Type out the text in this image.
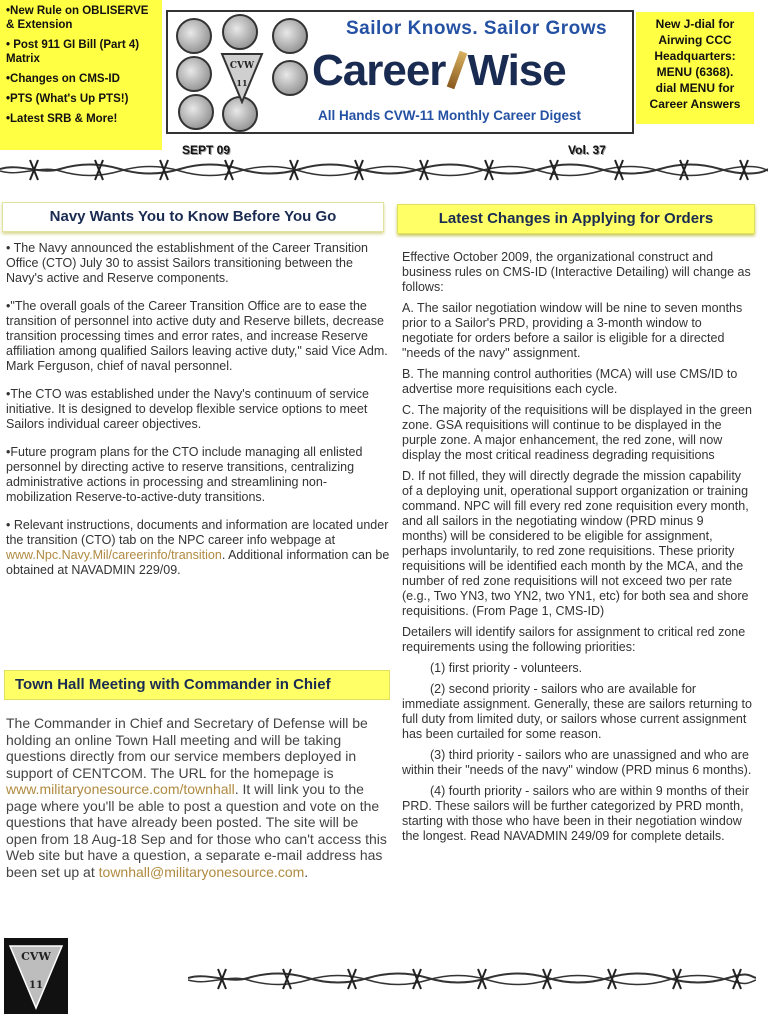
•New Rule on OBLISERVE & Extension

• Post 911 GI Bill (Part 4) Matrix

•Changes on CMS-ID

•PTS (What's Up PTS!)

•Latest SRB & More!

CVW
11
Sailor Knows. Sailor Grows
Career Wise
All Hands CVW-11 Monthly Career Digest
New J-dial for
Airwing CCC
Headquarters:
MENU (6368).
dial MENU for
Career Answers
SEPT 09	Vol. 37
Navy Wants You to Know Before You Go

• The Navy announced the establishment of the Career Transition Office (CTO) July 30 to assist Sailors transitioning between the Navy's active and Reserve components.

•"The overall goals of the Career Transition Office are to ease the transition of personnel into active duty and Reserve billets, decrease transition processing times and error rates, and increase Reserve affiliation among qualified Sailors leaving active duty," said Vice Adm. Mark Ferguson, chief of naval personnel.

•The CTO was established under the Navy's continuum of service initiative. It is designed to develop flexible service options to meet Sailors individual career objectives.

•Future program plans for the CTO include managing all enlisted personnel by directing active to reserve transitions, centralizing administrative actions in processing and streamlining non-mobilization Reserve-to-active-duty transitions.

• Relevant instructions, documents and information are located under the transition (CTO) tab on the NPC career info webpage at www.Npc.Navy.Mil/careerinfo/transition. Additional information can be obtained at NAVADMIN 229/09.

Town Hall Meeting with Commander in Chief

The Commander in Chief and Secretary of Defense will be holding an online Town Hall meeting and will be taking questions directly from our service members deployed in support of CENTCOM. The URL for the homepage is www.militaryonesource.com/townhall. It will link you to the page where you'll be able to post a question and vote on the questions that have already been posted. The site will be open from 18 Aug-18 Sep and for those who can't access this Web site but have a question, a separate e-mail address has been set up at townhall@militaryonesource.com.

Latest Changes in Applying for Orders

Effective October 2009, the organizational construct and business rules on CMS-ID (Interactive Detailing) will change as follows:

A. The sailor negotiation window will be nine to seven months prior to a Sailor's PRD, providing a 3-month window to negotiate for orders before a sailor is eligible for a directed "needs of the navy" assignment.

B. The manning control authorities (MCA) will use CMS/ID to advertise more requisitions each cycle.

C. The majority of the requisitions will be displayed in the green zone. GSA requisitions will continue to be displayed in the purple zone. A major enhancement, the red zone, will now display the most critical readiness degrading requisitions

D. If not filled, they will directly degrade the mission capability of a deploying unit, operational support organization or training command. NPC will fill every red zone requisition every month, and all sailors in the negotiating window (PRD minus 9 months) will be considered to be eligible for assignment, perhaps involuntarily, to red zone requisitions. These priority requisitions will be identified each month by the MCA, and the number of red zone requisitions will not exceed two per rate (e.g., Two YN3, two YN2, two YN1, etc) for both sea and shore requisitions. (From Page 1, CMS-ID)

Detailers will identify sailors for assignment to critical red zone requirements using the following priorities:

(1) first priority - volunteers.

(2) second priority - sailors who are available for immediate assignment. Generally, these are sailors returning to full duty from limited duty, or sailors whose current assignment has been curtailed for some reason.

(3) third priority - sailors who are unassigned and who are within their "needs of the navy" window (PRD minus 6 months).

(4) fourth priority - sailors who are within 9 months of their PRD. These sailors will be further categorized by PRD month, starting with those who have been in their negotiation window the longest. Read NAVADMIN 249/09 for complete details.

CVW
11
